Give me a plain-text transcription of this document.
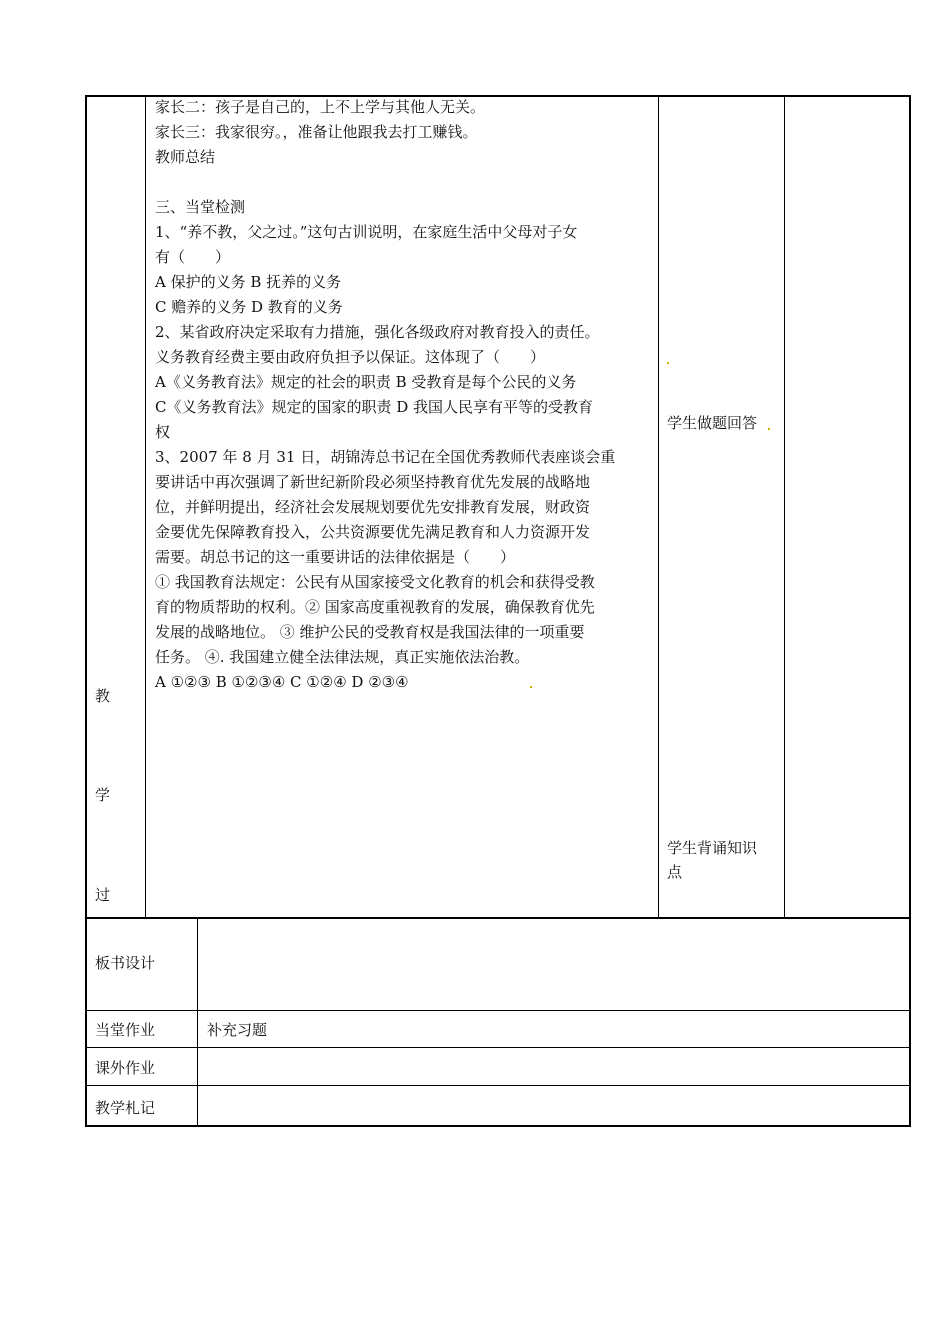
教
学
过
家长二：孩子是自己的，上不上学与其他人无关。
家长三：我家很穷。，准备让他跟我去打工赚钱。
教师总结
三、当堂检测
1、“养不教，父之过。”这句古训说明，在家庭生活中父母对子女
有（　　）
A 保护的义务 B 抚养的义务
C 赡养的义务 D 教育的义务
2、某省政府决定采取有力措施，强化各级政府对教育投入的责任。
义务教育经费主要由政府负担予以保证。这体现了（　　）
A《义务教育法》规定的社会的职责 B 受教育是每个公民的义务
C《义务教育法》规定的国家的职责 D 我国人民享有平等的受教育
权
3、2007 年 8 月 31 日，胡锦涛总书记在全国优秀教师代表座谈会重
要讲话中再次强调了新世纪新阶段必须坚持教育优先发展的战略地
位，并鲜明提出，经济社会发展规划要优先安排教育发展，财政资
金要优先保障教育投入，公共资源要优先满足教育和人力资源开发
需要。胡总书记的这一重要讲话的法律依据是（　　）
① 我国教育法规定：公民有从国家接受文化教育的机会和获得受教
育的物质帮助的权利。② 国家高度重视教育的发展，确保教育优先
发展的战略地位。 ③ 维护公民的受教育权是我国法律的一项重要
任务。 ④. 我国建立健全法律法规，真正实施依法治教。
A ①②③ B ①②③④ C ①②④ D ②③④
学生做题回答
学生背诵知识
点
板书设计
当堂作业	补充习题
课外作业
教学札记
